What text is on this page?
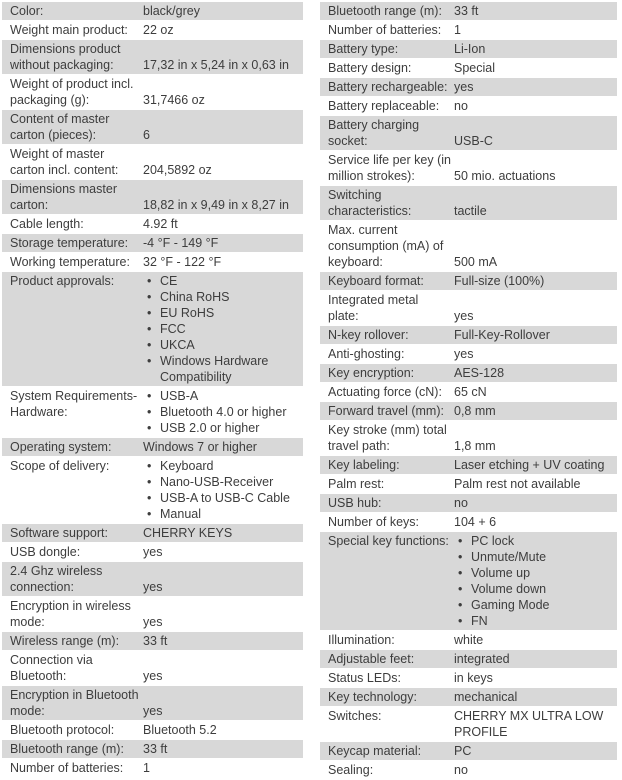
Color:	black/grey
Weight main product:	22 oz
Dimensions product without packaging:	17,32 in x 5,24 in x 0,63 in
Weight of product incl. packaging (g):	31,7466 oz
Content of master carton (pieces):	6
Weight of master carton incl. content:	204,5892 oz
Dimensions master carton:	18,82 in x 9,49 in x 8,27 in
Cable length:	4.92 ft
Storage temperature:	-4 °F - 149 °F
Working temperature:	32 °F - 122 °F
Product approvals:	• CE
• China RoHS
• EU RoHS
• FCC
• UKCA
• Windows Hardware Compatibility
System Requirements-Hardware:
• USB-A
• Bluetooth 4.0 or higher
• USB 2.0 or higher
Operating system:	Windows 7 or higher
Scope of delivery:	• Keyboard
• Nano-USB-Receiver
• USB-A to USB-C Cable
• Manual
Software support:	CHERRY KEYS
USB dongle:	yes
2.4 Ghz wireless connection:	yes
Encryption in wireless mode:	yes
Wireless range (m):	33 ft
Connection via Bluetooth:	yes
Encryption in Bluetooth mode:	yes
Bluetooth protocol:	Bluetooth 5.2
Bluetooth range (m):	33 ft
Number of batteries:	1
Bluetooth range (m): 33 ft
Number of batteries:	1
Battery type:	Li-Ion
Battery design:	Special
Battery rechargeable: yes
Battery replaceable:	no
Battery charging socket:	USB-C
Service life per key (in million strokes):	50 mio. actuations
Switching characteristics:	tactile
Max. current consumption (mA) of keyboard:	500 mA
Keyboard format:	Full-size (100%)
Integrated metal plate:	yes
N-key rollover:	Full-Key-Rollover
Anti-ghosting:	yes
Key encryption:	AES-128
Actuating force (cN): 65 cN
Forward travel (mm): 0,8 mm
Key stroke (mm) total travel path:	1,8 mm
Key labeling:	Laser etching + UV coating
Palm rest:	Palm rest not available
USB hub:	no
Number of keys:	104 + 6
Special key functions:	• PC lock
• Unmute/Mute
• Volume up
• Volume down
• Gaming Mode
• FN
Illumination:	white
Adjustable feet:	integrated
Status LEDs:	in keys
Key technology:	mechanical
Switches:	CHERRY MX ULTRA LOW PROFILE
Keycap material:	PC
Sealing:	no
